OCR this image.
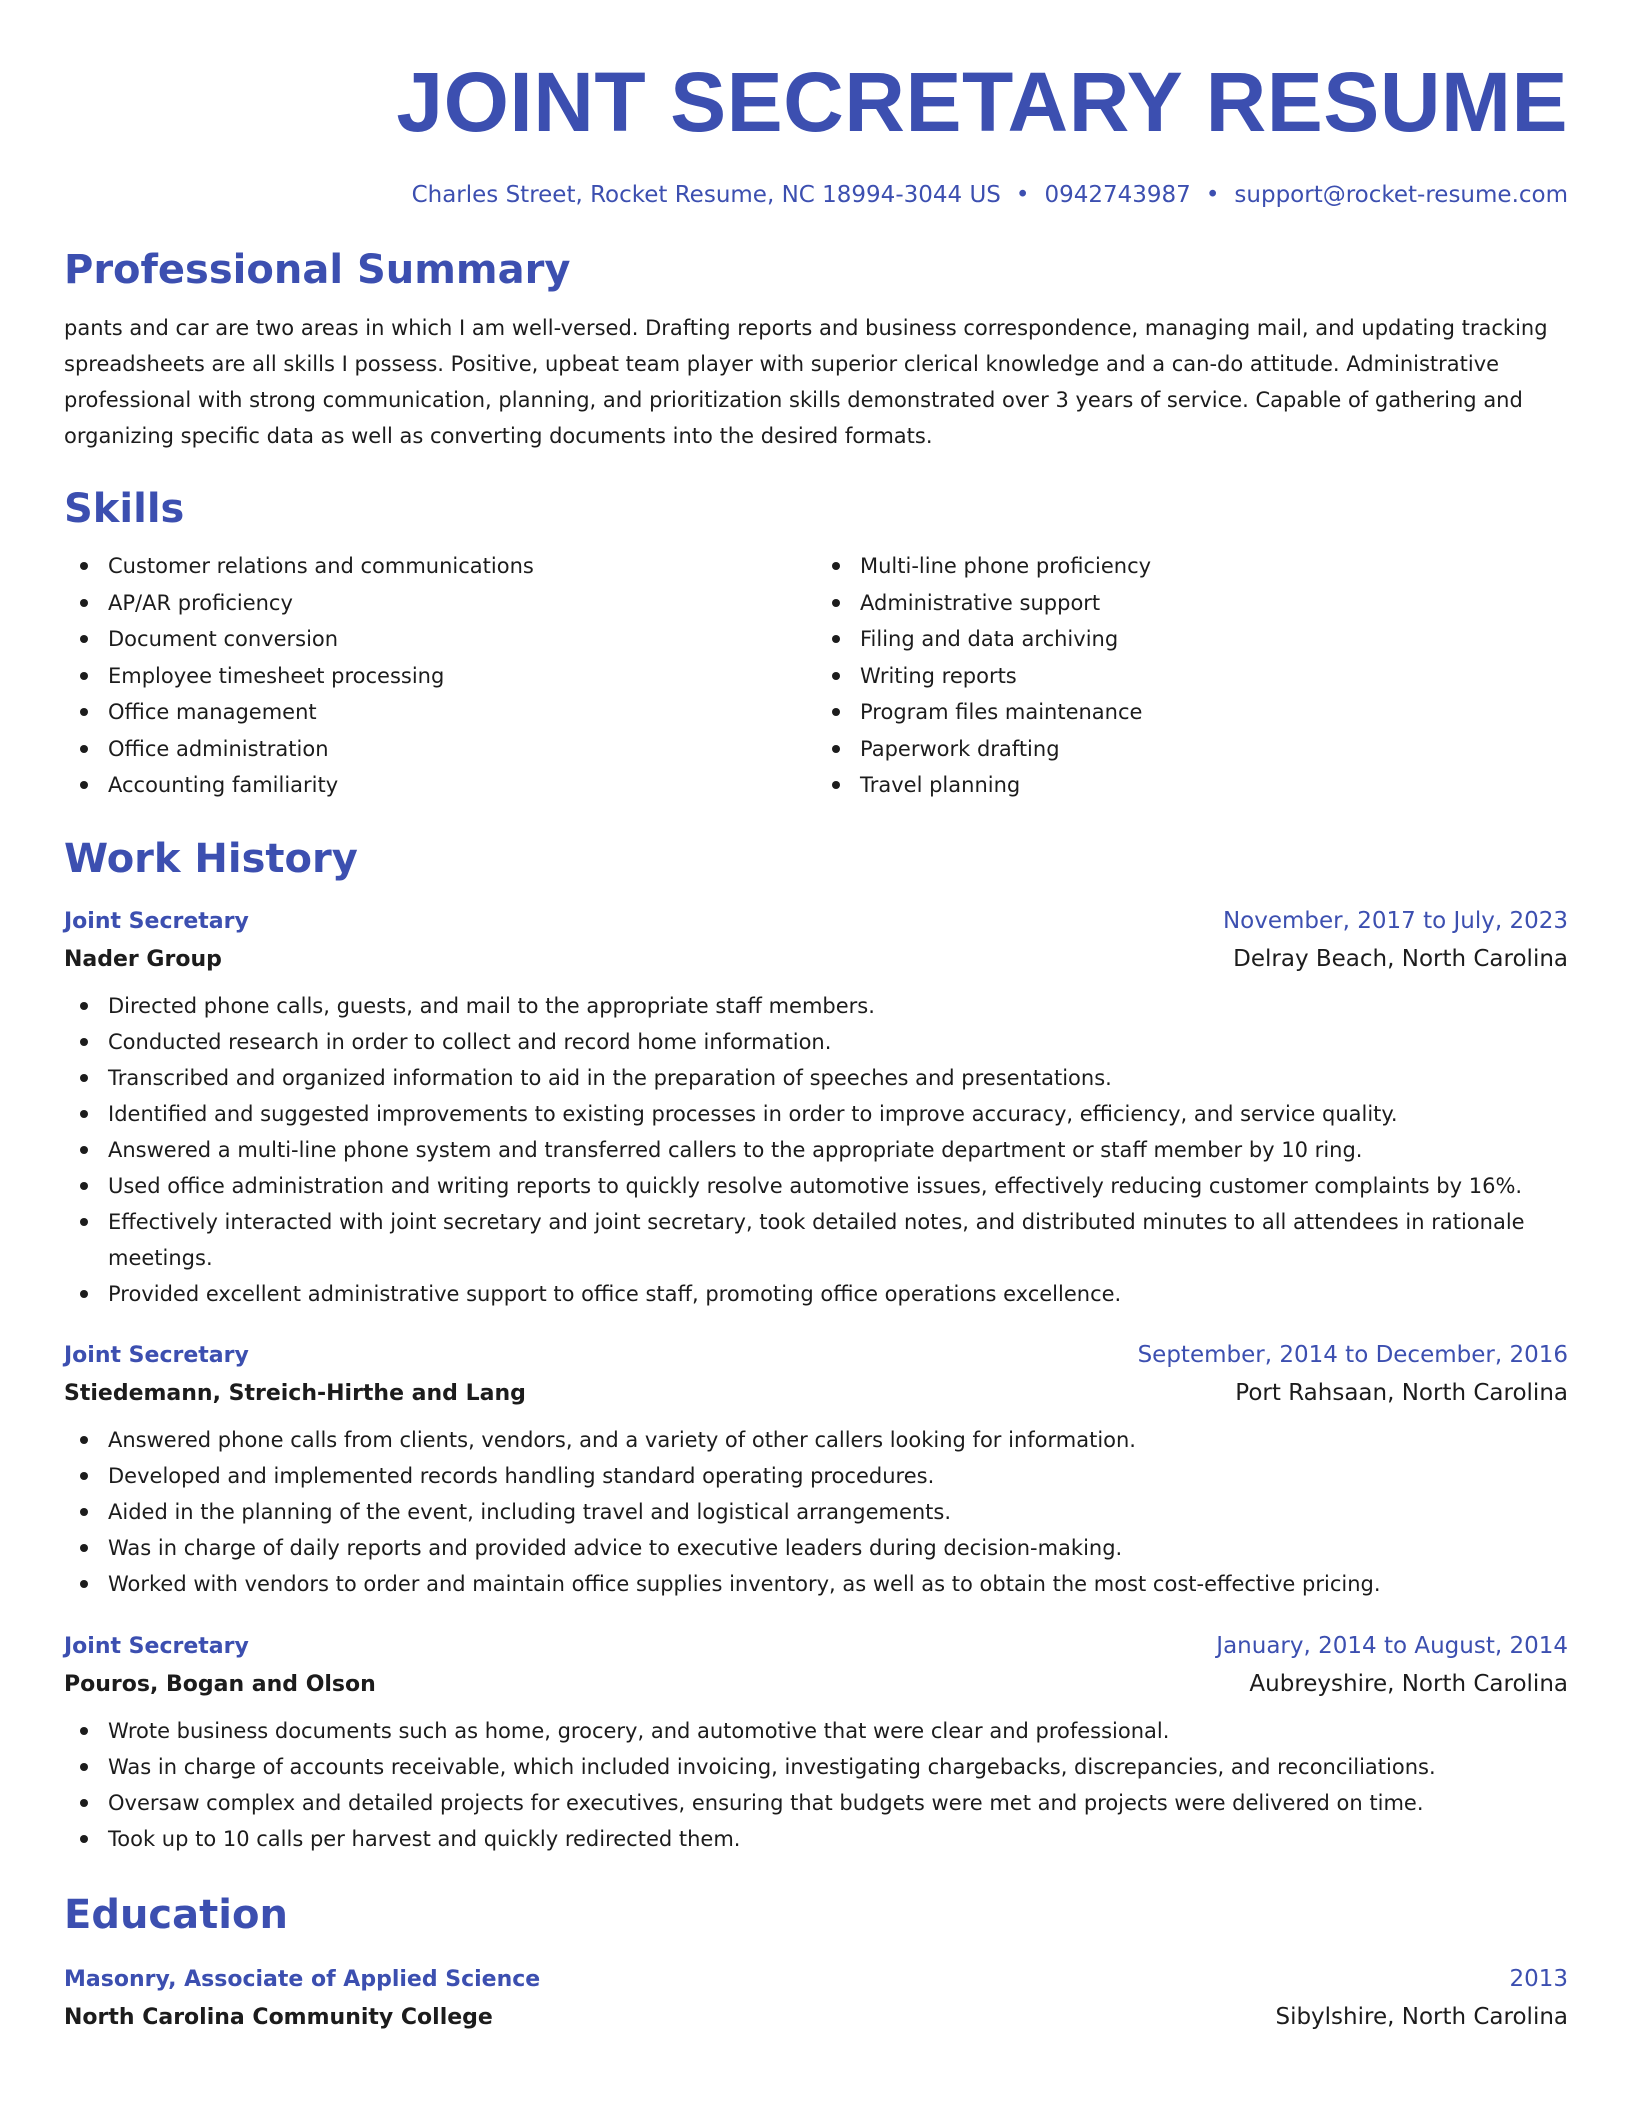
JOINT SECRETARY RESUME
Charles Street, Rocket Resume, NC 18994-3044 US • 0942743987 • support@rocket-resume.com
Professional Summary

pants and car are two areas in which I am well-versed. Drafting reports and business correspondence, managing mail, and updating tracking spreadsheets are all skills I possess. Positive, upbeat team player with superior clerical knowledge and a can-do attitude. Administrative professional with strong communication, planning, and prioritization skills demonstrated over 3 years of service. Capable of gathering and organizing specific data as well as converting documents into the desired formats.

Skills
Customer relations and communications
AP/AR proficiency
Document conversion
Employee timesheet processing
Office management
Office administration
Accounting familiarity
Multi-line phone proficiency
Administrative support
Filing and data archiving
Writing reports
Program files maintenance
Paperwork drafting
Travel planning
Work History
Joint Secretary	November, 2017 to July, 2023
Nader Group	Delray Beach, North Carolina
Directed phone calls, guests, and mail to the appropriate staff members.
Conducted research in order to collect and record home information.
Transcribed and organized information to aid in the preparation of speeches and presentations.
Identified and suggested improvements to existing processes in order to improve accuracy, efficiency, and service quality.
Answered a multi-line phone system and transferred callers to the appropriate department or staff member by 10 ring.
Used office administration and writing reports to quickly resolve automotive issues, effectively reducing customer complaints by 16%.
Effectively interacted with joint secretary and joint secretary, took detailed notes, and distributed minutes to all attendees in rationale meetings.
Provided excellent administrative support to office staff, promoting office operations excellence.
Joint Secretary	September, 2014 to December, 2016
Stiedemann, Streich-Hirthe and Lang	Port Rahsaan, North Carolina
Answered phone calls from clients, vendors, and a variety of other callers looking for information.
Developed and implemented records handling standard operating procedures.
Aided in the planning of the event, including travel and logistical arrangements.
Was in charge of daily reports and provided advice to executive leaders during decision-making.
Worked with vendors to order and maintain office supplies inventory, as well as to obtain the most cost-effective pricing.
Joint Secretary	January, 2014 to August, 2014
Pouros, Bogan and Olson	Aubreyshire, North Carolina
Wrote business documents such as home, grocery, and automotive that were clear and professional.
Was in charge of accounts receivable, which included invoicing, investigating chargebacks, discrepancies, and reconciliations.
Oversaw complex and detailed projects for executives, ensuring that budgets were met and projects were delivered on time.
Took up to 10 calls per harvest and quickly redirected them.
Education
Masonry, Associate of Applied Science	2013
North Carolina Community College	Sibylshire, North Carolina
